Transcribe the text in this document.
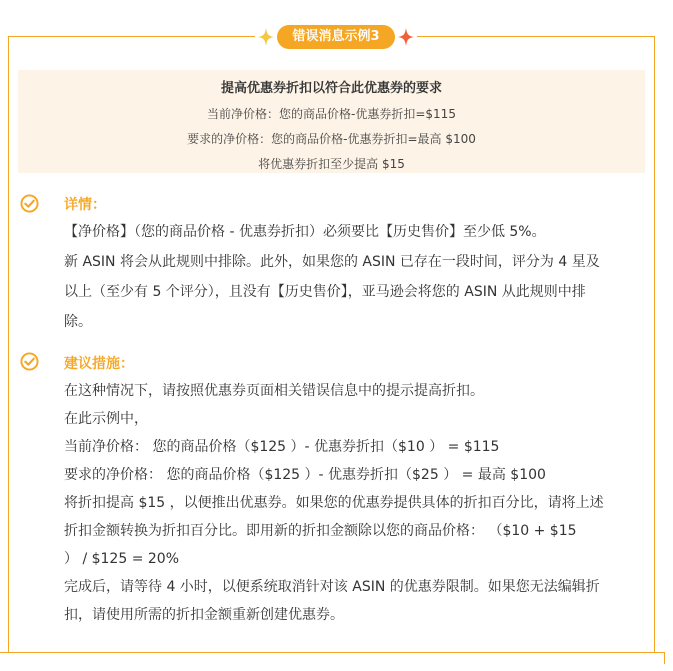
错误消息示例3
提高优惠券折扣以符合此优惠券的要求
当前净价格：您的商品价格-优惠券折扣=$115
要求的净价格：您的商品价格-优惠券折扣=最高 $100
将优惠券折扣至少提高 $15
详情：
【净价格】（您的商品价格 - 优惠券折扣）必须要比【历史售价】至少低 5%。
新 ASIN 将会从此规则中排除。此外，如果您的 ASIN 已存在一段时间，评分为 4 星及
以上（至少有 5 个评分），且没有【历史售价】，亚马逊会将您的 ASIN 从此规则中排
除。
建议措施：
在这种情况下，请按照优惠券页面相关错误信息中的提示提高折扣。
在此示例中，
当前净价格： 您的商品价格（$125 ）- 优惠券折扣（$10 ） = $115
要求的净价格： 您的商品价格（$125 ）- 优惠券折扣（$25 ） = 最高 $100
将折扣提高 $15 ，以便推出优惠券。如果您的优惠券提供具体的折扣百分比，请将上述
折扣金额转换为折扣百分比。即用新的折扣金额除以您的商品价格： （$10 + $15
） / $125 = 20%
完成后，请等待 4 小时，以便系统取消针对该 ASIN 的优惠券限制。如果您无法编辑折
扣，请使用所需的折扣金额重新创建优惠券。
